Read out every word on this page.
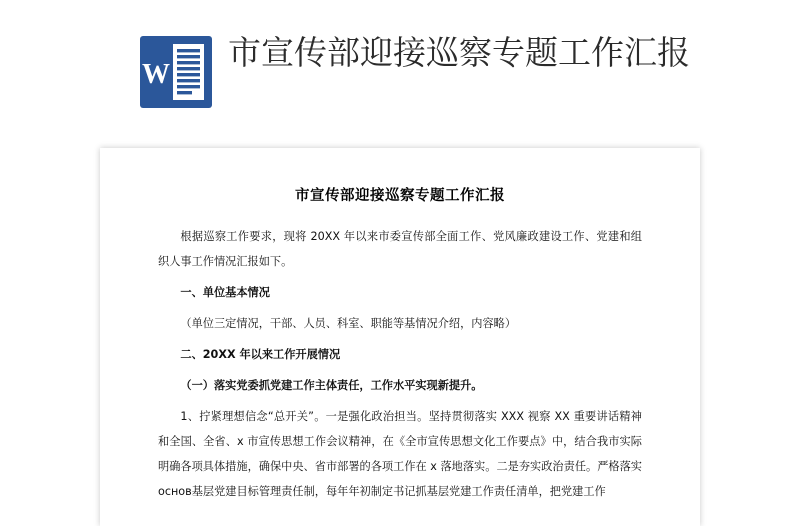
W
市宣传部迎接巡察专题工作汇报
市宣传部迎接巡察专题工作汇报

根据巡察工作要求，现将 20XX 年以来市委宣传部全面工作、党风廉政建设工作、党建和组织人事工作情况汇报如下。

一、单位基本情况

（单位三定情况，干部、人员、科室、职能等基情况介绍，内容略）

二、20XX 年以来工作开展情况

（一）落实党委抓党建工作主体责任，工作水平实现新提升。

1、拧紧理想信念“总开关”。一是强化政治担当。坚持贯彻落实 XXX 视察 XX 重要讲话精神和全国、全省、x 市宣传思想工作会议精神，在《全市宣传思想文化工作要点》中，结合我市实际明确各项具体措施，确保中央、省市部署的各项工作在 x 落地落实。二是夯实政治责任。严格落实основ基层党建目标管理责任制，每年年初制定书记抓基层党建工作责任清单，把党建工作
